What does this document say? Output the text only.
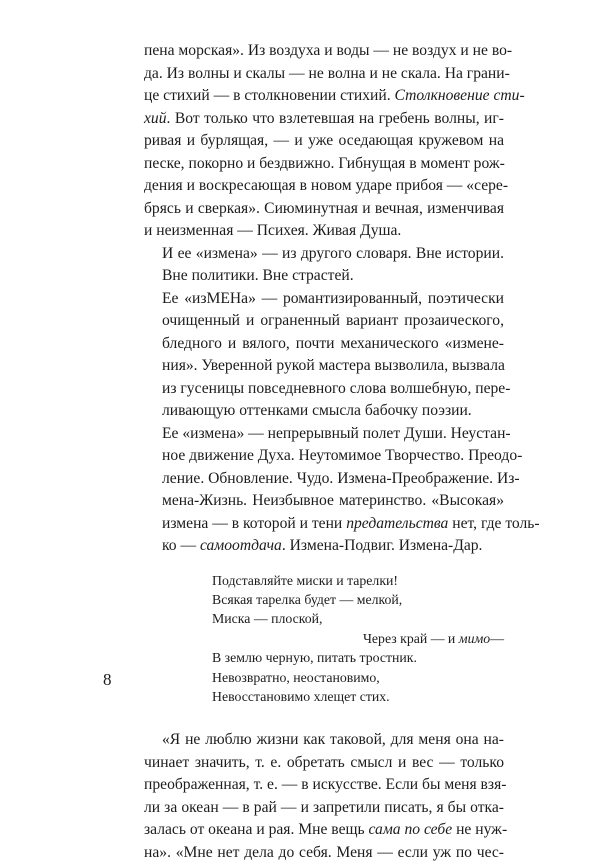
пена морская». Из воздуха и воды — не воздух и не во-
да. Из волны и скалы — не волна и не скала. На грани-
це стихий — в столкновении стихий. Столкновение сти-
хий. Вот только что взлетевшая на гребень волны, иг-
ривая и бурлящая, — и уже оседающая кружевом на
песке, покорно и бездвижно. Гибнущая в момент рож-
дения и воскресающая в новом ударе прибоя — «сере-
брясь и сверкая». Сиюминутная и вечная, изменчивая
и неизменная — Психея. Живая Душа.

И ее «измена» — из другого словаря. Вне истории.
Вне политики. Вне страстей.

Ее «изМЕНа» — романтизированный, поэтически
очищенный и ограненный вариант прозаического,
бледного и вялого, почти механического «измене-
ния». Уверенной рукой мастера вызволила, вызвала
из гусеницы повседневного слова волшебную, пере-
ливающую оттенками смысла бабочку поэзии.

Ее «измена» — непрерывный полет Души. Неустан-
ное движение Духа. Неутомимое Творчество. Преодо-
ление. Обновление. Чудо. Измена-Преображение. Из-
мена-Жизнь. Неизбывное материнство. «Высокая»
измена — в которой и тени предательства нет, где толь-
ко — самоотдача. Измена-Подвиг. Измена-Дар.

Подставляйте миски и тарелки!
Всякая тарелка будет — мелкой,
Миска — плоской,
Через край — и мимо—
В землю черную, питать тростник.
Невозвратно, неостановимо,
Невосстановимо хлещет стих.

«Я не люблю жизни как таковой, для меня она на-
чинает значить, т. е. обретать смысл и вес — только
преображенная, т. е. — в искусстве. Если бы меня взя-
ли за океан — в рай — и запретили писать, я бы отка-
залась от океана и рая. Мне вещь сама по себе не нуж-
на». «Мне нет дела до себя. Меня — если уж по чес-

8
